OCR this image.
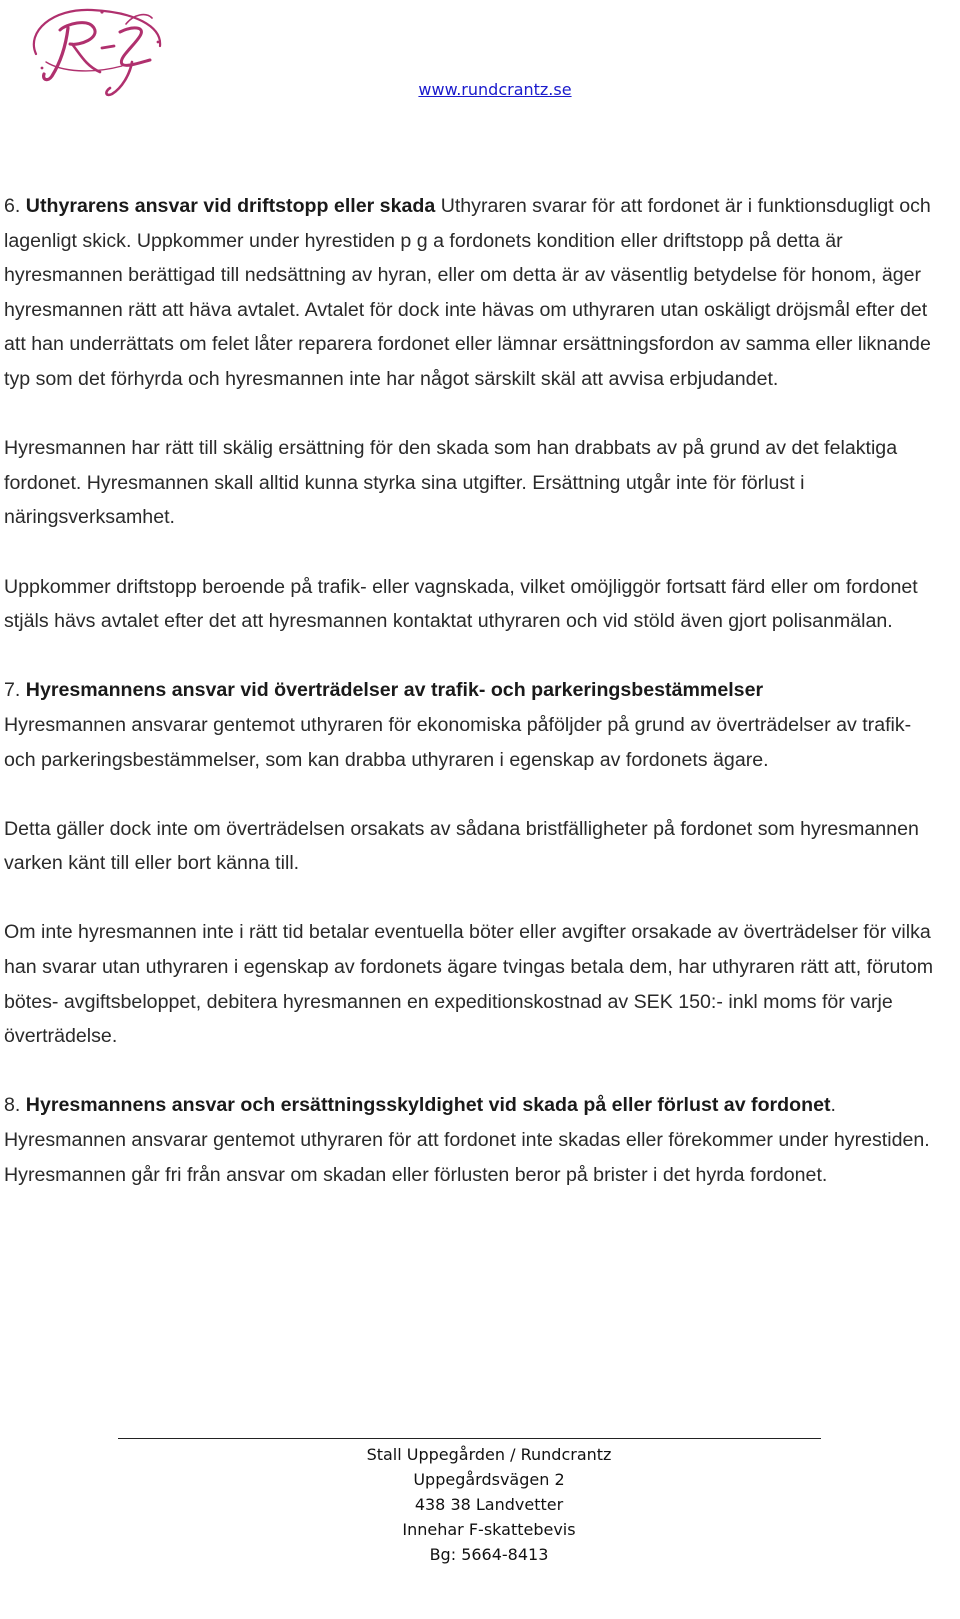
www.rundcrantz.se

6. Uthyrarens ansvar vid driftstopp eller skada Uthyraren svarar för att fordonet är i funktionsdugligt och lagenligt skick. Uppkommer under hyrestiden p g a fordonets kondition eller driftstopp på detta är hyresmannen berättigad till nedsättning av hyran, eller om detta är av väsentlig betydelse för honom, äger hyresmannen rätt att häva avtalet. Avtalet för dock inte hävas om uthyraren utan oskäligt dröjsmål efter det att han underrättats om felet låter reparera fordonet eller lämnar ersättningsfordon av samma eller liknande typ som det förhyrda och hyresmannen inte har något särskilt skäl att avvisa erbjudandet.

Hyresmannen har rätt till skälig ersättning för den skada som han drabbats av på grund av det felaktiga fordonet. Hyresmannen skall alltid kunna styrka sina utgifter. Ersättning utgår inte för förlust i näringsverksamhet.

Uppkommer driftstopp beroende på trafik- eller vagnskada, vilket omöjliggör fortsatt färd eller om fordonet stjäls hävs avtalet efter det att hyresmannen kontaktat uthyraren och vid stöld även gjort polisanmälan.

7. Hyresmannens ansvar vid överträdelser av trafik- och parkeringsbestämmelser
Hyresmannen ansvarar gentemot uthyraren för ekonomiska påföljder på grund av överträdelser av trafik- och parkeringsbestämmelser, som kan drabba uthyraren i egenskap av fordonets ägare.

Detta gäller dock inte om överträdelsen orsakats av sådana bristfälligheter på fordonet som hyresmannen varken känt till eller bort känna till.

Om inte hyresmannen inte i rätt tid betalar eventuella böter eller avgifter orsakade av överträdelser för vilka han svarar utan uthyraren i egenskap av fordonets ägare tvingas betala dem, har uthyraren rätt att, förutom bötes- avgiftsbeloppet, debitera hyresmannen en expeditionskostnad av SEK 150:- inkl moms för varje överträdelse.

8. Hyresmannens ansvar och ersättningsskyldighet vid skada på eller förlust av fordonet. Hyresmannen ansvarar gentemot uthyraren för att fordonet inte skadas eller förekommer under hyrestiden. Hyresmannen går fri från ansvar om skadan eller förlusten beror på brister i det hyrda fordonet.

Stall Uppegården / Rundcrantz
Uppegårdsvägen 2
438 38 Landvetter
Innehar F-skattebevis
Bg: 5664-8413
